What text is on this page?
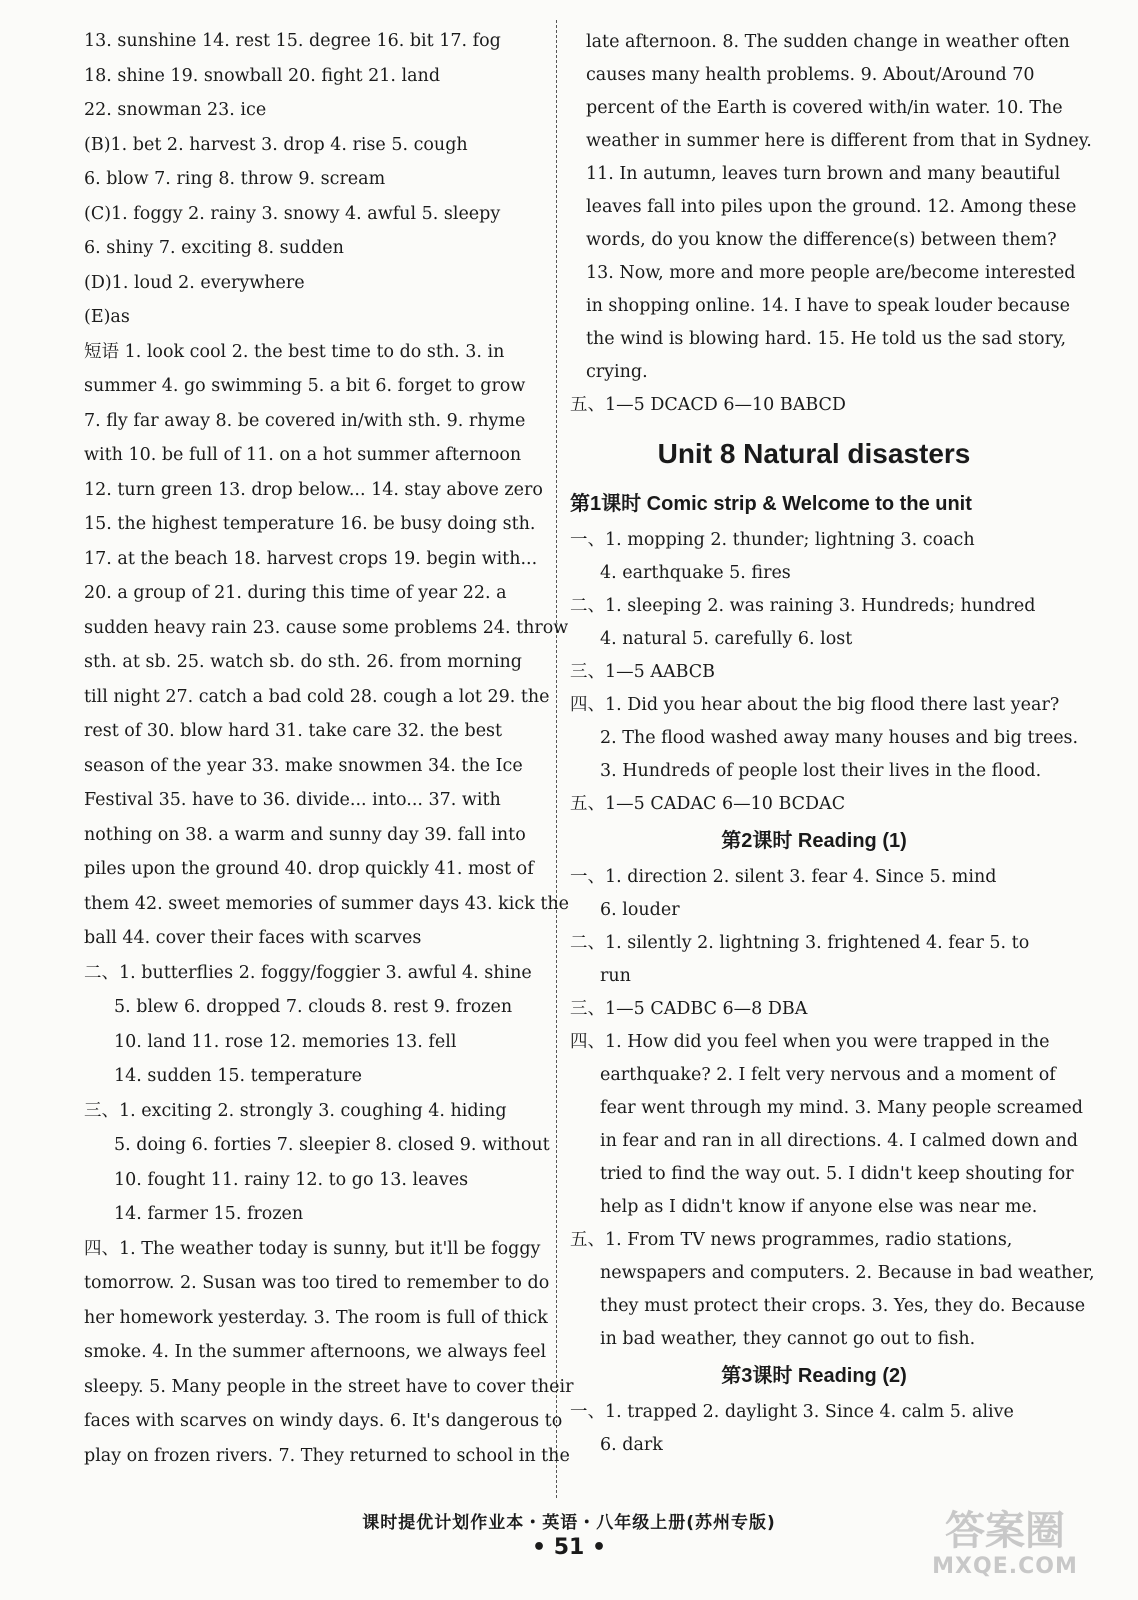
13. sunshine 14. rest 15. degree 16. bit 17. fog
18. shine 19. snowball 20. fight 21. land
22. snowman 23. ice
(B)1. bet 2. harvest 3. drop 4. rise 5. cough
6. blow 7. ring 8. throw 9. scream
(C)1. foggy 2. rainy 3. snowy 4. awful 5. sleepy
6. shiny 7. exciting 8. sudden
(D)1. loud 2. everywhere
(E)as
短语 1. look cool 2. the best time to do sth. 3. in
summer 4. go swimming 5. a bit 6. forget to grow
7. fly far away 8. be covered in/with sth. 9. rhyme
with 10. be full of 11. on a hot summer afternoon
12. turn green 13. drop below... 14. stay above zero
15. the highest temperature 16. be busy doing sth.
17. at the beach 18. harvest crops 19. begin with...
20. a group of 21. during this time of year 22. a
sudden heavy rain 23. cause some problems 24. throw
sth. at sb. 25. watch sb. do sth. 26. from morning
till night 27. catch a bad cold 28. cough a lot 29. the
rest of 30. blow hard 31. take care 32. the best
season of the year 33. make snowmen 34. the Ice
Festival 35. have to 36. divide... into... 37. with
nothing on 38. a warm and sunny day 39. fall into
piles upon the ground 40. drop quickly 41. most of
them 42. sweet memories of summer days 43. kick the
ball 44. cover their faces with scarves
二、1. butterflies 2. foggy/foggier 3. awful 4. shine
5. blew 6. dropped 7. clouds 8. rest 9. frozen
10. land 11. rose 12. memories 13. fell
14. sudden 15. temperature
三、1. exciting 2. strongly 3. coughing 4. hiding
5. doing 6. forties 7. sleepier 8. closed 9. without
10. fought 11. rainy 12. to go 13. leaves
14. farmer 15. frozen
四、1. The weather today is sunny, but it'll be foggy
tomorrow. 2. Susan was too tired to remember to do
her homework yesterday. 3. The room is full of thick
smoke. 4. In the summer afternoons, we always feel
sleepy. 5. Many people in the street have to cover their
faces with scarves on windy days. 6. It's dangerous to
play on frozen rivers. 7. They returned to school in the
late afternoon. 8. The sudden change in weather often
causes many health problems. 9. About/Around 70
percent of the Earth is covered with/in water. 10. The
weather in summer here is different from that in Sydney.
11. In autumn, leaves turn brown and many beautiful
leaves fall into piles upon the ground. 12. Among these
words, do you know the difference(s) between them?
13. Now, more and more people are/become interested
in shopping online. 14. I have to speak louder because
the wind is blowing hard. 15. He told us the sad story,
crying.
五、1—5 DCACD 6—10 BABCD
Unit 8 Natural disasters
第1课时 Comic strip & Welcome to the unit
一、1. mopping 2. thunder; lightning 3. coach
4. earthquake 5. fires
二、1. sleeping 2. was raining 3. Hundreds; hundred
4. natural 5. carefully 6. lost
三、1—5 AABCB
四、1. Did you hear about the big flood there last year?
2. The flood washed away many houses and big trees.
3. Hundreds of people lost their lives in the flood.
五、1—5 CADAC 6—10 BCDAC
第2课时 Reading (1)
一、1. direction 2. silent 3. fear 4. Since 5. mind
6. louder
二、1. silently 2. lightning 3. frightened 4. fear 5. to
run
三、1—5 CADBC 6—8 DBA
四、1. How did you feel when you were trapped in the
earthquake? 2. I felt very nervous and a moment of
fear went through my mind. 3. Many people screamed
in fear and ran in all directions. 4. I calmed down and
tried to find the way out. 5. I didn't keep shouting for
help as I didn't know if anyone else was near me.
五、1. From TV news programmes, radio stations,
newspapers and computers. 2. Because in bad weather,
they must protect their crops. 3. Yes, they do. Because
in bad weather, they cannot go out to fish.
第3课时 Reading (2)
一、1. trapped 2. daylight 3. Since 4. calm 5. alive
6. dark
课时提优计划作业本・英语・八年级上册(苏州专版)
• 51 •	答案圈
MXQE.COM
